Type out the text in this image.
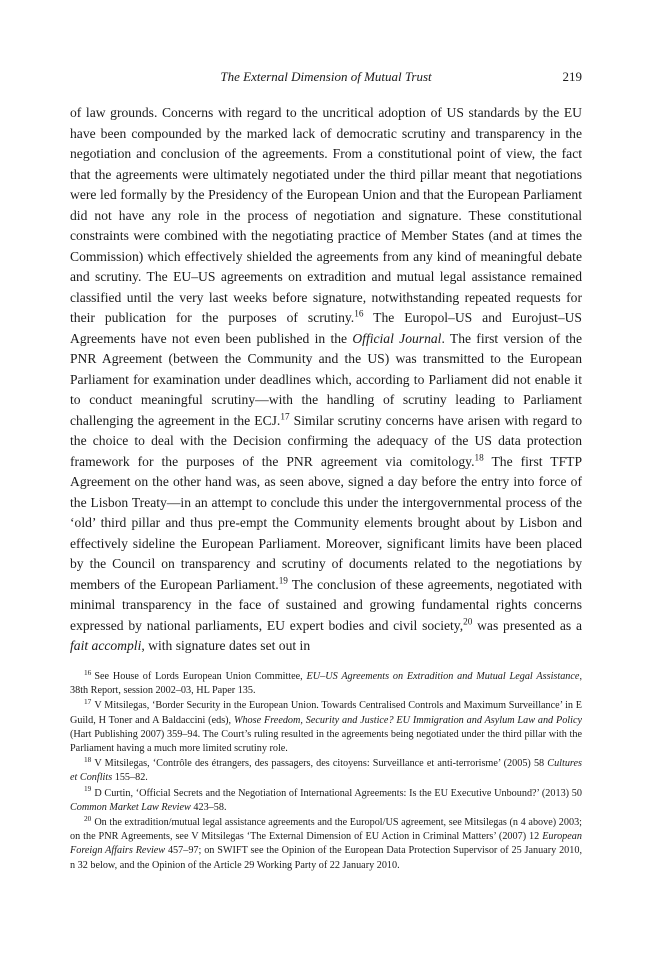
The External Dimension of Mutual Trust	219

of law grounds. Concerns with regard to the uncritical adoption of US standards by the EU have been compounded by the marked lack of democratic scrutiny and transparency in the negotiation and conclusion of the agreements. From a constitutional point of view, the fact that the agreements were ultimately negotiated under the third pillar meant that negotiations were led formally by the Presidency of the European Union and that the European Parliament did not have any role in the process of negotiation and signature. These constitutional constraints were combined with the negotiating practice of Member States (and at times the Commission) which effectively shielded the agreements from any kind of meaningful debate and scrutiny. The EU–US agreements on extradition and mutual legal assistance remained classified until the very last weeks before signature, notwithstanding repeated requests for their publication for the purposes of scrutiny.$^{16}$ The Europol–US and Eurojust–US Agreements have not even been published in the Official Journal. The first version of the PNR Agreement (between the Community and the US) was transmitted to the European Parliament for examination under deadlines which, according to Parliament did not enable it to conduct meaningful scrutiny—with the handling of scrutiny leading to Parliament challenging the agreement in the ECJ.$^{17}$ Similar scrutiny concerns have arisen with regard to the choice to deal with the Decision confirming the adequacy of the US data protection framework for the purposes of the PNR agreement via comitology.$^{18}$ The first TFTP Agreement on the other hand was, as seen above, signed a day before the entry into force of the Lisbon Treaty—in an attempt to conclude this under the intergovernmental process of the ‘old’ third pillar and thus pre-empt the Community elements brought about by Lisbon and effectively sideline the European Parliament. Moreover, significant limits have been placed by the Council on transparency and scrutiny of documents related to the negotiations by members of the European Parliament.$^{19}$ The conclusion of these agreements, negotiated with minimal transparency in the face of sustained and growing fundamental rights concerns expressed by national parliaments, EU expert bodies and civil society,$^{20}$ was presented as a fait accompli, with signature dates set out in

$^{16}$ See House of Lords European Union Committee, EU–US Agreements on Extradition and Mutual Legal Assistance, 38th Report, session 2002–03, HL Paper 135.

$^{17}$ V Mitsilegas, ‘Border Security in the European Union. Towards Centralised Controls and Maximum Surveillance’ in E Guild, H Toner and A Baldaccini (eds), Whose Freedom, Security and Justice? EU Immigration and Asylum Law and Policy (Hart Publishing 2007) 359–94. The Court’s ruling resulted in the agreements being negotiated under the third pillar with the Parliament having a much more limited scrutiny role.

$^{18}$ V Mitsilegas, ‘Contrôle des étrangers, des passagers, des citoyens: Surveillance et anti-terrorisme’ (2005) 58 Cultures et Conflits 155–82.

$^{19}$ D Curtin, ‘Official Secrets and the Negotiation of International Agreements: Is the EU Executive Unbound?’ (2013) 50 Common Market Law Review 423–58.

$^{20}$ On the extradition/mutual legal assistance agreements and the Europol/US agreement, see Mitsilegas (n 4 above) 2003; on the PNR Agreements, see V Mitsilegas ‘The External Dimension of EU Action in Criminal Matters’ (2007) 12 European Foreign Affairs Review 457–97; on SWIFT see the Opinion of the European Data Protection Supervisor of 25 January 2010, n 32 below, and the Opinion of the Article 29 Working Party of 22 January 2010.
